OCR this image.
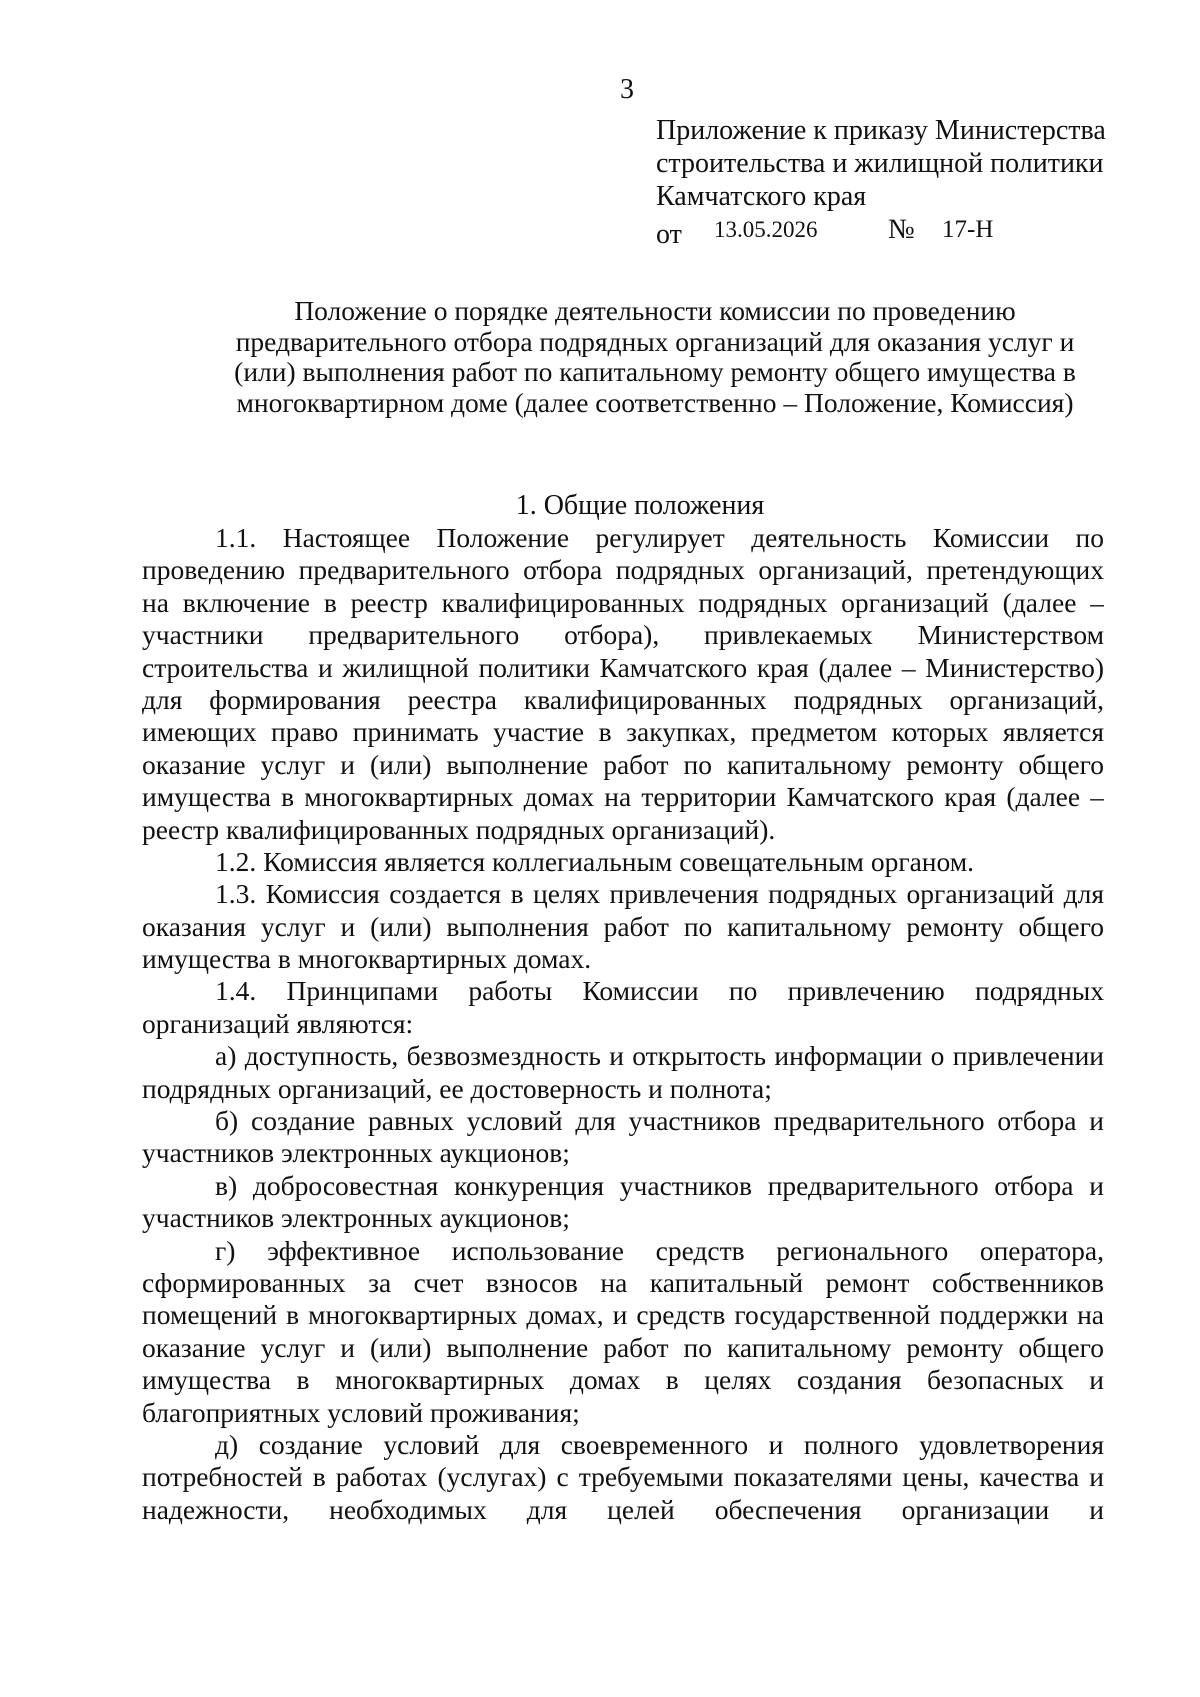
3
Приложение к приказу Министерства
строительства и жилищной политики
Камчатского края
от 13.05.2026	№ 17-Н
Положение о порядке деятельности комиссии по проведению
предварительного отбора подрядных организаций для оказания услуг и
(или) выполнения работ по капитальному ремонту общего имущества в
многоквартирном доме (далее соответственно – Положение, Комиссия)
1. Общие положения
1.1. Настоящее Положение регулирует деятельность Комиссии по
проведению предварительного отбора подрядных организаций, претендующих
на включение в реестр квалифицированных подрядных организаций (далее –
участники предварительного отбора), привлекаемых Министерством
строительства и жилищной политики Камчатского края (далее – Министерство)
для формирования реестра квалифицированных подрядных организаций,
имеющих право принимать участие в закупках, предметом которых является
оказание услуг и (или) выполнение работ по капитальному ремонту общего
имущества в многоквартирных домах на территории Камчатского края (далее –
реестр квалифицированных подрядных организаций).
1.2. Комиссия является коллегиальным совещательным органом.
1.3. Комиссия создается в целях привлечения подрядных организаций для
оказания услуг и (или) выполнения работ по капитальному ремонту общего
имущества в многоквартирных домах.
1.4. Принципами работы Комиссии по привлечению подрядных
организаций являются:
а) доступность, безвозмездность и открытость информации о привлечении
подрядных организаций, ее достоверность и полнота;
б) создание равных условий для участников предварительного отбора и
участников электронных аукционов;
в) добросовестная конкуренция участников предварительного отбора и
участников электронных аукционов;
г) эффективное использование средств регионального оператора,
сформированных за счет взносов на капитальный ремонт собственников
помещений в многоквартирных домах, и средств государственной поддержки на
оказание услуг и (или) выполнение работ по капитальному ремонту общего
имущества в многоквартирных домах в целях создания безопасных и
благоприятных условий проживания;
д) создание условий для своевременного и полного удовлетворения
потребностей в работах (услугах) с требуемыми показателями цены, качества и
надежности, необходимых для целей обеспечения организации и
